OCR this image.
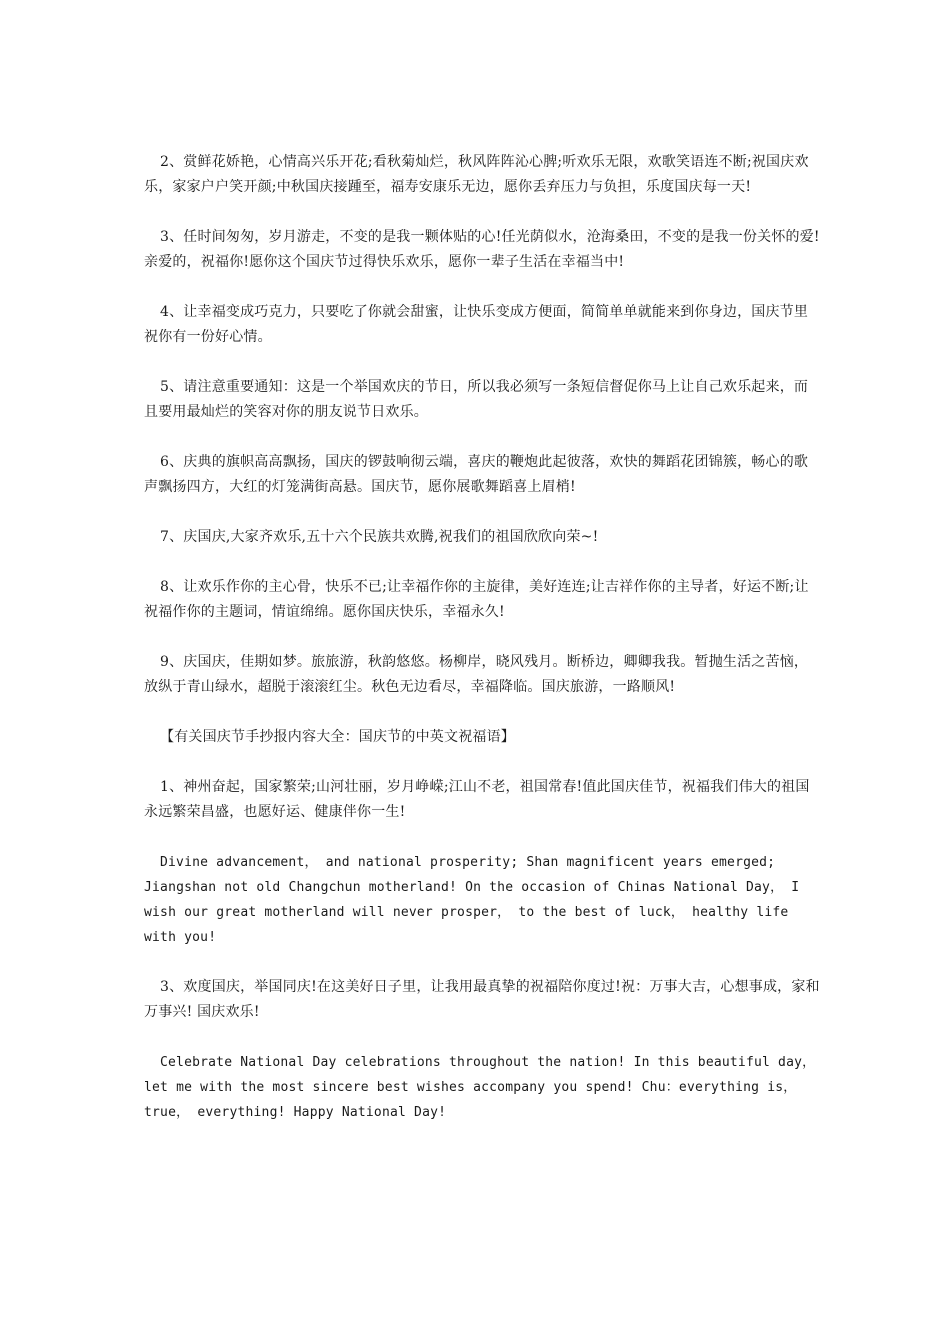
2、赏鲜花娇艳，心情高兴乐开花;看秋菊灿烂，秋风阵阵沁心脾;听欢乐无限，欢歌笑语连不断;祝国庆欢乐，家家户户笑开颜;中秋国庆接踵至，福寿安康乐无边，愿你丢弃压力与负担，乐度国庆每一天!

3、任时间匆匆，岁月游走，不变的是我一颗体贴的心!任光荫似水，沧海桑田，不变的是我一份关怀的爱!亲爱的，祝福你!愿你这个国庆节过得快乐欢乐，愿你一辈子生活在幸福当中!

4、让幸福变成巧克力，只要吃了你就会甜蜜，让快乐变成方便面，简简单单就能来到你身边，国庆节里祝你有一份好心情。

5、请注意重要通知：这是一个举国欢庆的节日，所以我必须写一条短信督促你马上让自己欢乐起来，而且要用最灿烂的笑容对你的朋友说节日欢乐。

6、庆典的旗帜高高飘扬，国庆的锣鼓响彻云端，喜庆的鞭炮此起彼落，欢快的舞蹈花团锦簇，畅心的歌声飘扬四方，大红的灯笼满街高悬。国庆节，愿你展歌舞蹈喜上眉梢!

7、庆国庆,大家齐欢乐,五十六个民族共欢腾,祝我们的祖国欣欣向荣~!

8、让欢乐作你的主心骨，快乐不已;让幸福作你的主旋律，美好连连;让吉祥作你的主导者，好运不断;让祝福作你的主题词，情谊绵绵。愿你国庆快乐，幸福永久!

9、庆国庆，佳期如梦。旅旅游，秋韵悠悠。杨柳岸，晓风残月。断桥边，卿卿我我。暂抛生活之苦恼，放纵于青山绿水，超脱于滚滚红尘。秋色无边看尽，幸福降临。国庆旅游，一路顺风!

【有关国庆节手抄报内容大全：国庆节的中英文祝福语】

1、神州奋起，国家繁荣;山河壮丽，岁月峥嵘;江山不老，祖国常春!值此国庆佳节，祝福我们伟大的祖国永远繁荣昌盛，也愿好运、健康伴你一生!

Divine advancement， and national prosperity; Shan magnificent years emerged; Jiangshan not old Changchun motherland! On the occasion of Chinas National Day， I wish our great motherland will never prosper， to the best of luck， healthy life with you!

3、欢度国庆，举国同庆!在这美好日子里，让我用最真挚的祝福陪你度过!祝：万事大吉，心想事成，家和万事兴! 国庆欢乐!

Celebrate National Day celebrations throughout the nation! In this beautiful day， let me with the most sincere best wishes accompany you spend! Chu：everything is， true， everything! Happy National Day!
